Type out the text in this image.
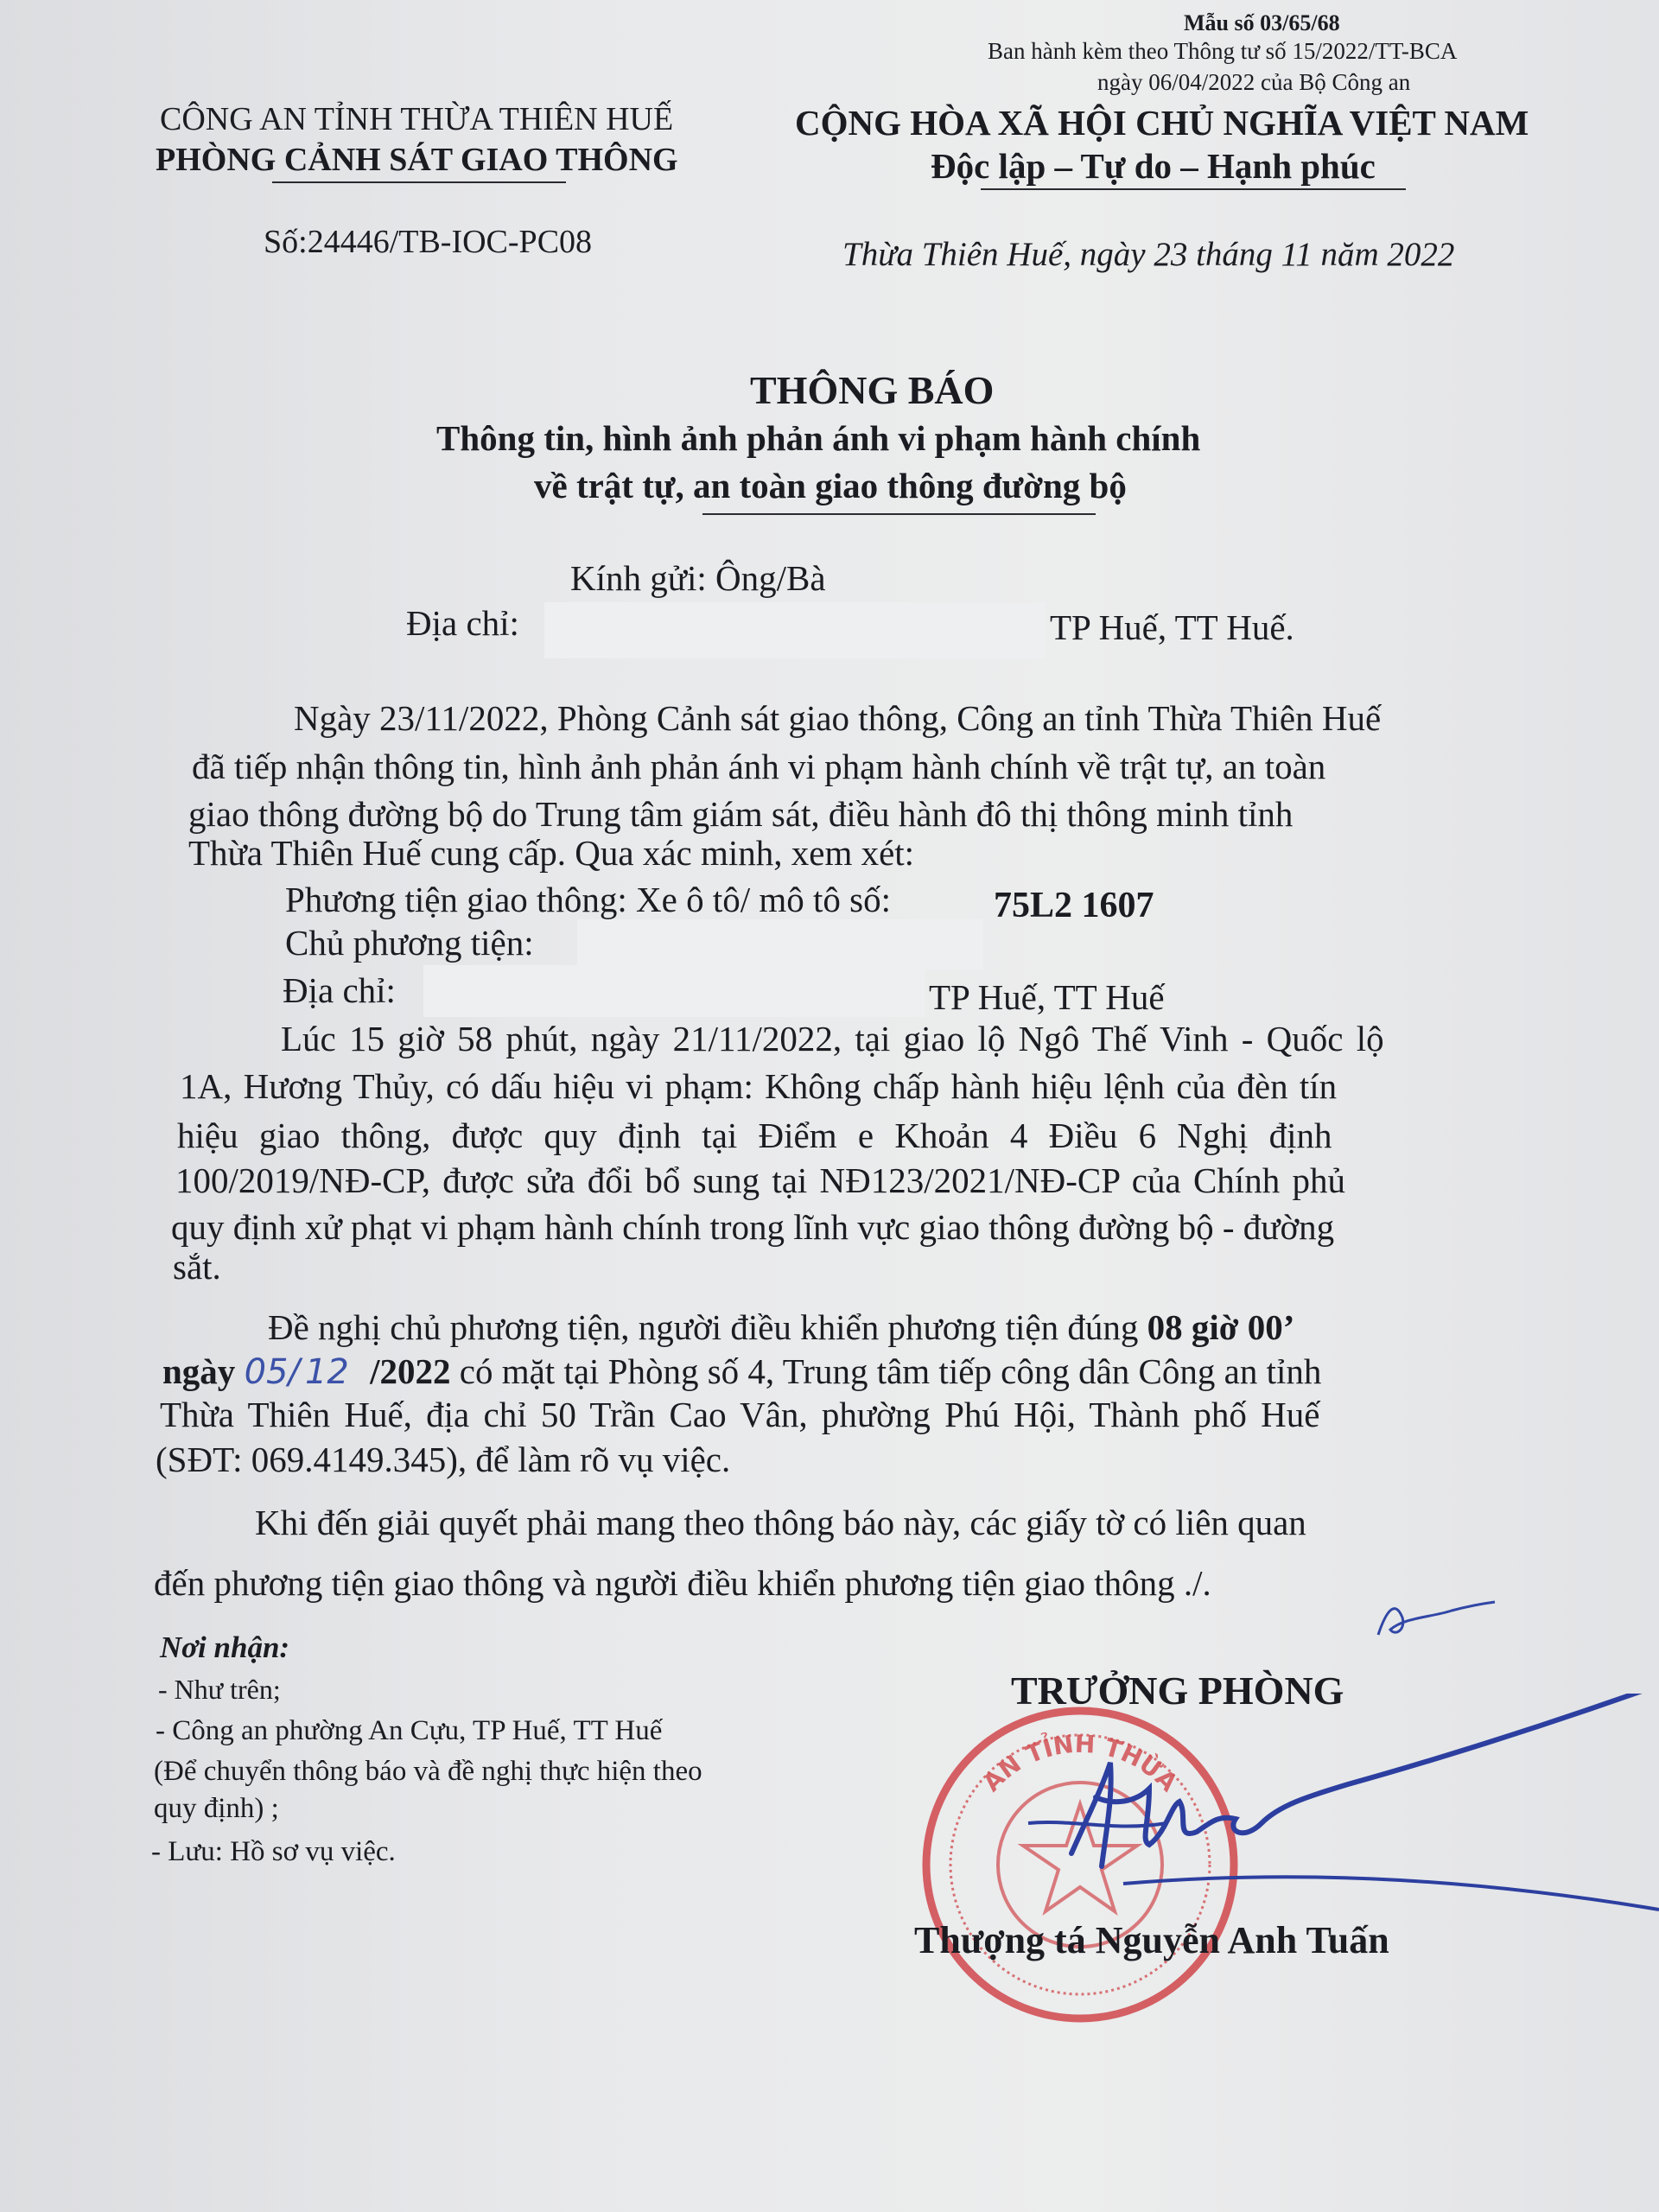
Mẫu số 03/65/68
Ban hành kèm theo Thông tư số 15/2022/TT-BCA
ngày 06/04/2022 của Bộ Công an
CÔNG AN TỈNH THỪA THIÊN HUẾ
PHÒNG CẢNH SÁT GIAO THÔNG
CỘNG HÒA XÃ HỘI CHỦ NGHĨA VIỆT NAM
Độc lập – Tự do – Hạnh phúc
Số:24446/TB-IOC-PC08	Thừa Thiên Huế, ngày 23 tháng 11 năm 2022
THÔNG BÁO
Thông tin, hình ảnh phản ánh vi phạm hành chính
về trật tự, an toàn giao thông đường bộ
Kính gửi: Ông/Bà
Địa chỉ:	TP Huế, TT Huế.
Ngày 23/11/2022, Phòng Cảnh sát giao thông, Công an tỉnh Thừa Thiên Huế
đã tiếp nhận thông tin, hình ảnh phản ánh vi phạm hành chính về trật tự, an toàn
giao thông đường bộ do Trung tâm giám sát, điều hành đô thị thông minh tỉnh
Thừa Thiên Huế cung cấp. Qua xác minh, xem xét:
Phương tiện giao thông: Xe ô tô/ mô tô số:	75L2 1607
Chủ phương tiện:
Địa chỉ:	TP Huế, TT Huế
Lúc 15 giờ 58 phút, ngày 21/11/2022, tại giao lộ Ngô Thế Vinh - Quốc lộ
1A, Hương Thủy, có dấu hiệu vi phạm: Không chấp hành hiệu lệnh của đèn tín
hiệu giao thông, được quy định tại Điểm e Khoản 4 Điều 6 Nghị định
100/2019/NĐ-CP, được sửa đổi bổ sung tại NĐ123/2021/NĐ-CP của Chính phủ
quy định xử phạt vi phạm hành chính trong lĩnh vực giao thông đường bộ - đường
sắt.
Đề nghị chủ phương tiện, người điều khiển phương tiện đúng 08 giờ 00’
ngày 05/ 12 /2022 có mặt tại Phòng số 4, Trung tâm tiếp công dân Công an tỉnh
Thừa Thiên Huế, địa chỉ 50 Trần Cao Vân, phường Phú Hội, Thành phố Huế
(SĐT: 069.4149.345), để làm rõ vụ việc.
Khi đến giải quyết phải mang theo thông báo này, các giấy tờ có liên quan
đến phương tiện giao thông và người điều khiển phương tiện giao thông ./.
Nơi nhận:
- Như trên;
- Công an phường An Cựu, TP Huế, TT Huế
(Để chuyển thông báo và đề nghị thực hiện theo
quy định) ;
- Lưu: Hồ sơ vụ việc.
TRƯỞNG PHÒNG
AN TỈNH THỪA
Thượng tá Nguyễn Anh Tuấn
